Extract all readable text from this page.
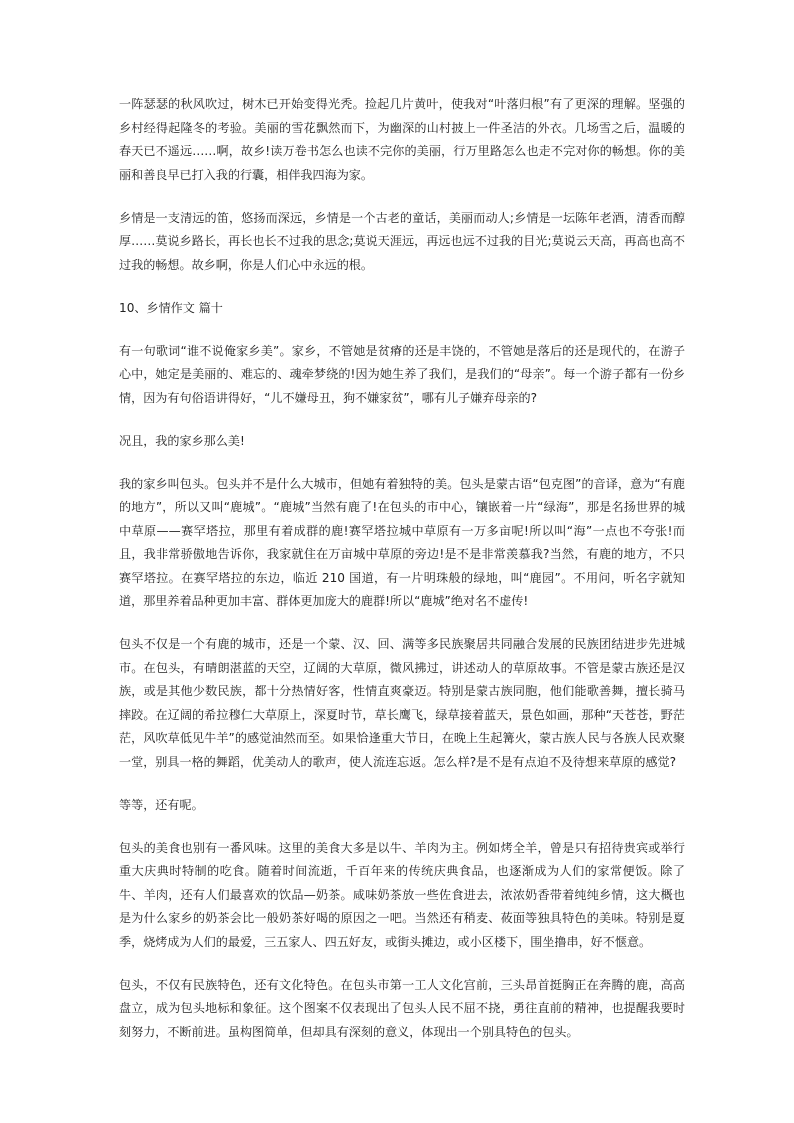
一阵瑟瑟的秋风吹过，树木已开始变得光秃。捡起几片黄叶，使我对“叶落归根”有了更深的理解。坚强的乡村经得起隆冬的考验。美丽的雪花飘然而下，为幽深的山村披上一件圣洁的外衣。几场雪之后，温暖的春天已不遥远……啊，故乡!读万卷书怎么也读不完你的美丽，行万里路怎么也走不完对你的畅想。你的美丽和善良早已打入我的行囊，相伴我四海为家。

乡情是一支清远的笛，悠扬而深远，乡情是一个古老的童话，美丽而动人;乡情是一坛陈年老酒，清香而醇厚……莫说乡路长，再长也长不过我的思念;莫说天涯远，再远也远不过我的目光;莫说云天高，再高也高不过我的畅想。故乡啊，你是人们心中永远的根。

10、乡情作文 篇十

有一句歌词“谁不说俺家乡美”。家乡，不管她是贫瘠的还是丰饶的，不管她是落后的还是现代的，在游子心中，她定是美丽的、难忘的、魂牵梦绕的!因为她生养了我们，是我们的“母亲”。每一个游子都有一份乡情，因为有句俗语讲得好，“儿不嫌母丑，狗不嫌家贫”，哪有儿子嫌弃母亲的?

况且，我的家乡那么美!

我的家乡叫包头。包头并不是什么大城市，但她有着独特的美。包头是蒙古语“包克图”的音译，意为“有鹿的地方”，所以又叫“鹿城”。“鹿城”当然有鹿了!在包头的市中心，镶嵌着一片“绿海”，那是名扬世界的城中草原——赛罕塔拉，那里有着成群的鹿!赛罕塔拉城中草原有一万多亩呢!所以叫“海”一点也不夸张!而且，我非常骄傲地告诉你，我家就住在万亩城中草原的旁边!是不是非常羡慕我?当然，有鹿的地方，不只赛罕塔拉。在赛罕塔拉的东边，临近 210 国道，有一片明珠般的绿地，叫“鹿园”。不用问，听名字就知道，那里养着品种更加丰富、群体更加庞大的鹿群!所以“鹿城”绝对名不虚传!

包头不仅是一个有鹿的城市，还是一个蒙、汉、回、满等多民族聚居共同融合发展的民族团结进步先进城市。在包头，有晴朗湛蓝的天空，辽阔的大草原，微风拂过，讲述动人的草原故事。不管是蒙古族还是汉族，或是其他少数民族，都十分热情好客，性情直爽豪迈。特别是蒙古族同胞，他们能歌善舞，擅长骑马摔跤。在辽阔的希拉穆仁大草原上，深夏时节，草长鹰飞，绿草接着蓝天，景色如画，那种“天苍苍，野茫茫，风吹草低见牛羊”的感觉油然而至。如果恰逢重大节日，在晚上生起篝火，蒙古族人民与各族人民欢聚一堂，别具一格的舞蹈，优美动人的歌声，使人流连忘返。怎么样?是不是有点迫不及待想来草原的感觉?

等等，还有呢。

包头的美食也别有一番风味。这里的美食大多是以牛、羊肉为主。例如烤全羊，曾是只有招待贵宾或举行重大庆典时特制的吃食。随着时间流逝，千百年来的传统庆典食品，也逐渐成为人们的家常便饭。除了牛、羊肉，还有人们最喜欢的饮品—奶茶。咸味奶茶放一些佐食进去，浓浓奶香带着纯纯乡情，这大概也是为什么家乡的奶茶会比一般奶茶好喝的原因之一吧。当然还有稍麦、莜面等独具特色的美味。特别是夏季，烧烤成为人们的最爱，三五家人、四五好友，或街头摊边，或小区楼下，围坐撸串，好不惬意。

包头，不仅有民族特色，还有文化特色。在包头市第一工人文化宫前，三头昂首挺胸正在奔腾的鹿，高高盘立，成为包头地标和象征。这个图案不仅表现出了包头人民不屈不挠，勇往直前的精神，也提醒我要时刻努力，不断前进。虽构图简单，但却具有深刻的意义，体现出一个别具特色的包头。
